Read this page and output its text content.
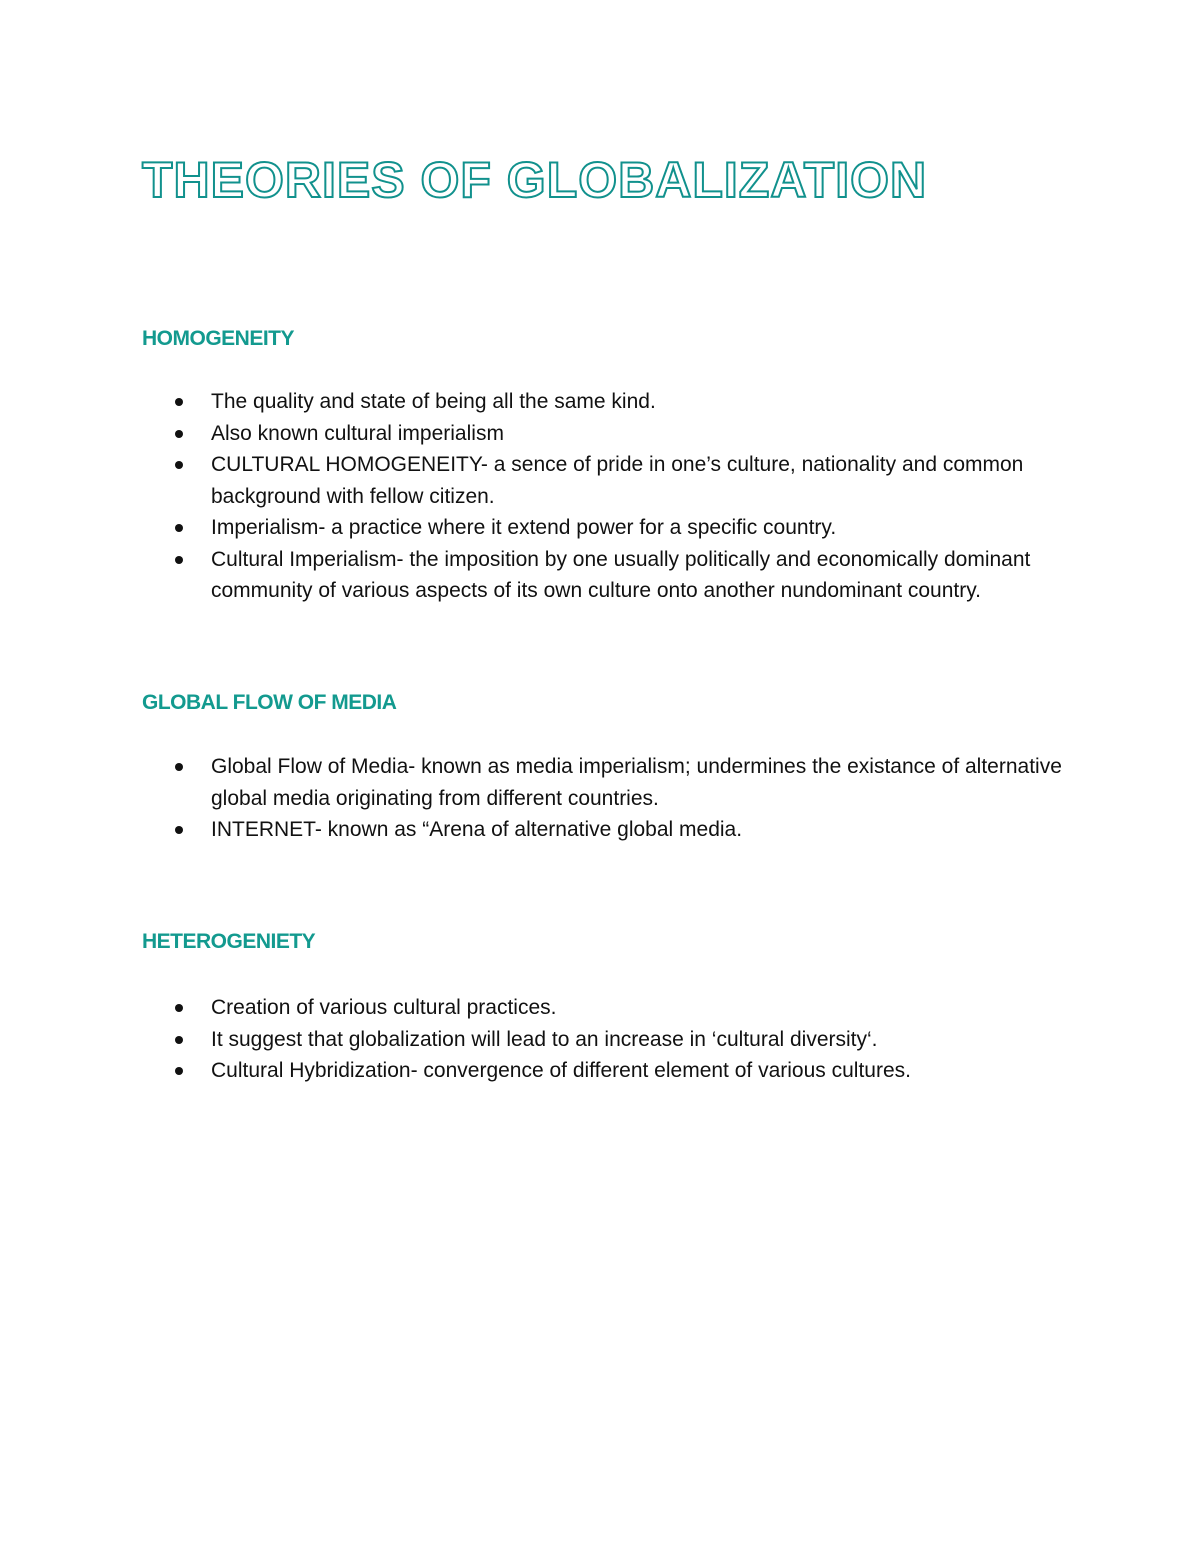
THEORIES OF GLOBALIZATION
HOMOGENEITY
The quality and state of being all the same kind.
Also known cultural imperialism
CULTURAL HOMOGENEITY- a sence of pride in one’s culture, nationality and common background with fellow citizen.
Imperialism- a practice where it extend power for a specific country.
Cultural Imperialism- the imposition by one usually politically and economically dominant community of various aspects of its own culture onto another nundominant country.
GLOBAL FLOW OF MEDIA
Global Flow of Media- known as media imperialism; undermines the existance of alternative global media originating from different countries.
INTERNET- known as “Arena of alternative global media.
HETEROGENIETY
Creation of various cultural practices.
It suggest that globalization will lead to an increase in ‘cultural diversity‘.
Cultural Hybridization- convergence of different element of various cultures.
